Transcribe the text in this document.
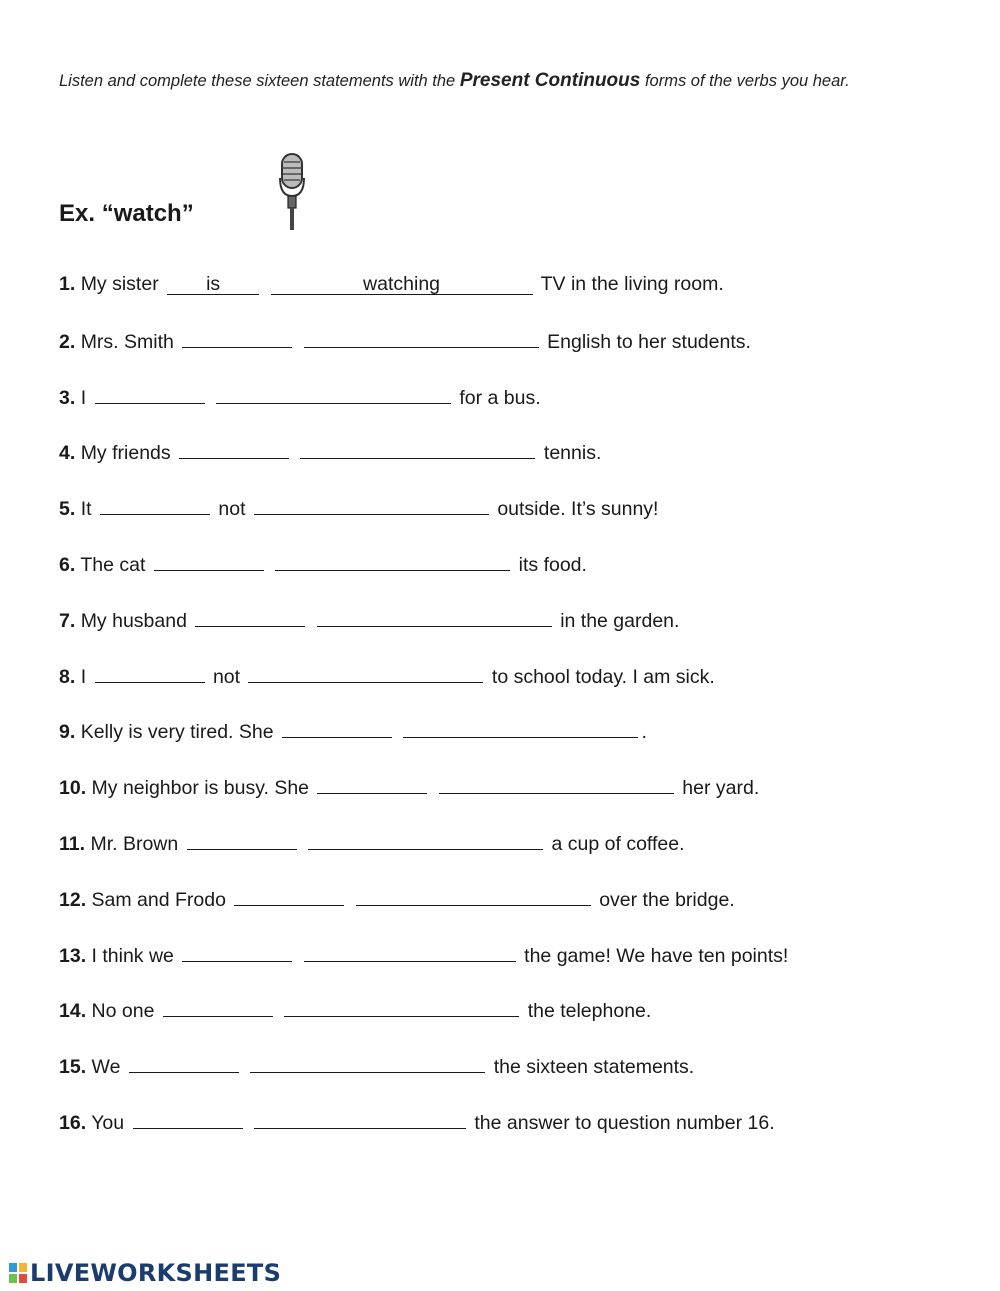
Listen and complete these sixteen statements with the Present Continuous forms of the verbs you hear.
Ex. “watch”
1. My sister is	watching	TV in the living room.
2. Mrs. Smith	English to her students.
3. I	for a bus.
4. My friends	tennis.
5. It	not	outside. It’s sunny!
6. The cat	its food.
7. My husband	in the garden.
8. I	not	to school today. I am sick.
9. Kelly is very tired. She	.
10. My neighbor is busy. She	her yard.
11. Mr. Brown	a cup of coffee.
12. Sam and Frodo	over the bridge.
13. I think we	the game! We have ten points!
14. No one	the telephone.
15. We	the sixteen statements.
16. You	the answer to question number 16.
LIVEWORKSHEETS
